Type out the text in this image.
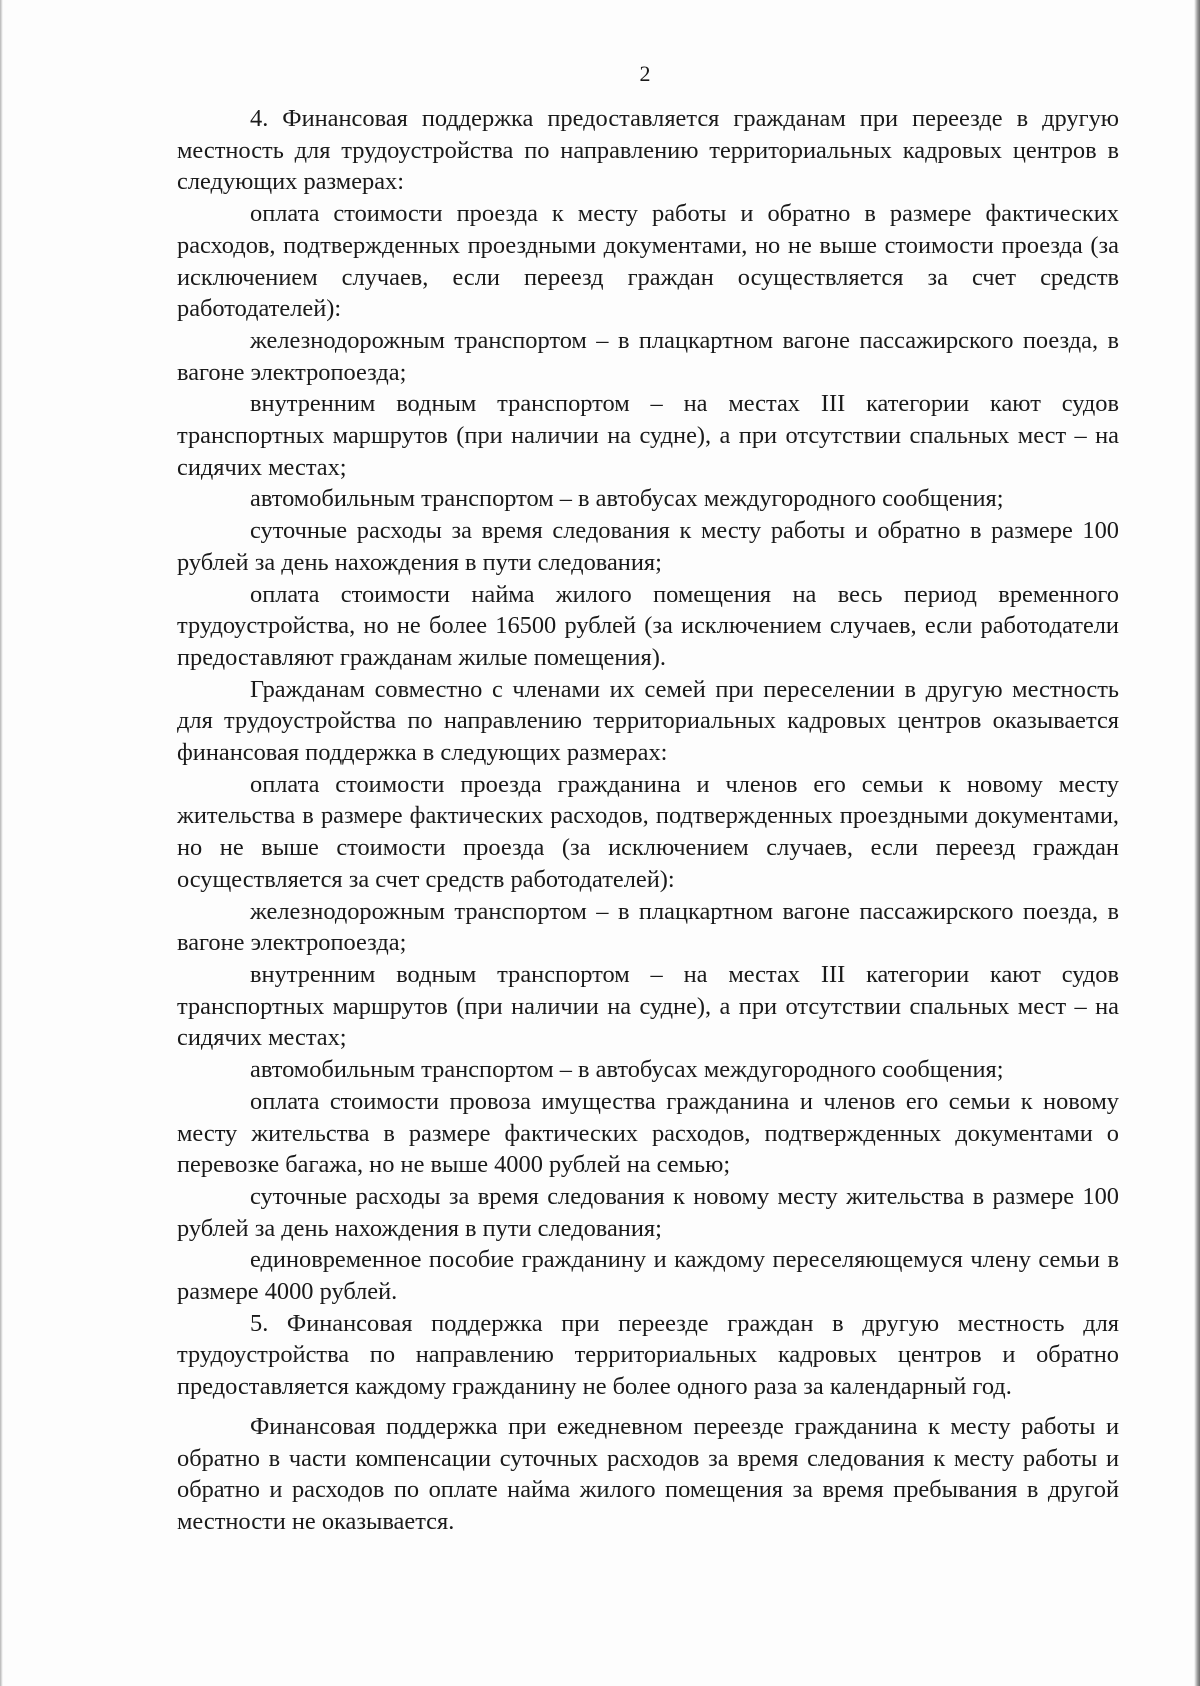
2

4. Финансовая поддержка предоставляется гражданам при переезде в другую местность для трудоустройства по направлению территориальных кадровых центров в следующих размерах:

оплата стоимости проезда к месту работы и обратно в размере фактических расходов, подтвержденных проездными документами, но не выше стоимости проезда (за исключением случаев, если переезд граждан осуществляется за счет средств работодателей):

железнодорожным транспортом – в плацкартном вагоне пассажирского поезда, в вагоне электропоезда;

внутренним водным транспортом – на местах III категории кают судов транспортных маршрутов (при наличии на судне), а при отсутствии спальных мест – на сидячих местах;

автомобильным транспортом – в автобусах междугородного сообщения;

суточные расходы за время следования к месту работы и обратно в размере 100 рублей за день нахождения в пути следования;

оплата стоимости найма жилого помещения на весь период временного трудоустройства, но не более 16500 рублей (за исключением случаев, если работодатели предоставляют гражданам жилые помещения).

Гражданам совместно с членами их семей при переселении в другую местность для трудоустройства по направлению территориальных кадровых центров оказывается финансовая поддержка в следующих размерах:

оплата стоимости проезда гражданина и членов его семьи к новому месту жительства в размере фактических расходов, подтвержденных проездными документами, но не выше стоимости проезда (за исключением случаев, если переезд граждан осуществляется за счет средств работодателей):

железнодорожным транспортом – в плацкартном вагоне пассажирского поезда, в вагоне электропоезда;

внутренним водным транспортом – на местах III категории кают судов транспортных маршрутов (при наличии на судне), а при отсутствии спальных мест – на сидячих местах;

автомобильным транспортом – в автобусах междугородного сообщения;

оплата стоимости провоза имущества гражданина и членов его семьи к новому месту жительства в размере фактических расходов, подтвержденных документами о перевозке багажа, но не выше 4000 рублей на семью;

суточные расходы за время следования к новому месту жительства в размере 100 рублей за день нахождения в пути следования;

единовременное пособие гражданину и каждому переселяющемуся члену семьи в размере 4000 рублей.

5. Финансовая поддержка при переезде граждан в другую местность для трудоустройства по направлению территориальных кадровых центров и обратно предоставляется каждому гражданину не более одного раза за календарный год.

Финансовая поддержка при ежедневном переезде гражданина к месту работы и обратно в части компенсации суточных расходов за время следования к месту работы и обратно и расходов по оплате найма жилого помещения за время пребывания в другой местности не оказывается.
